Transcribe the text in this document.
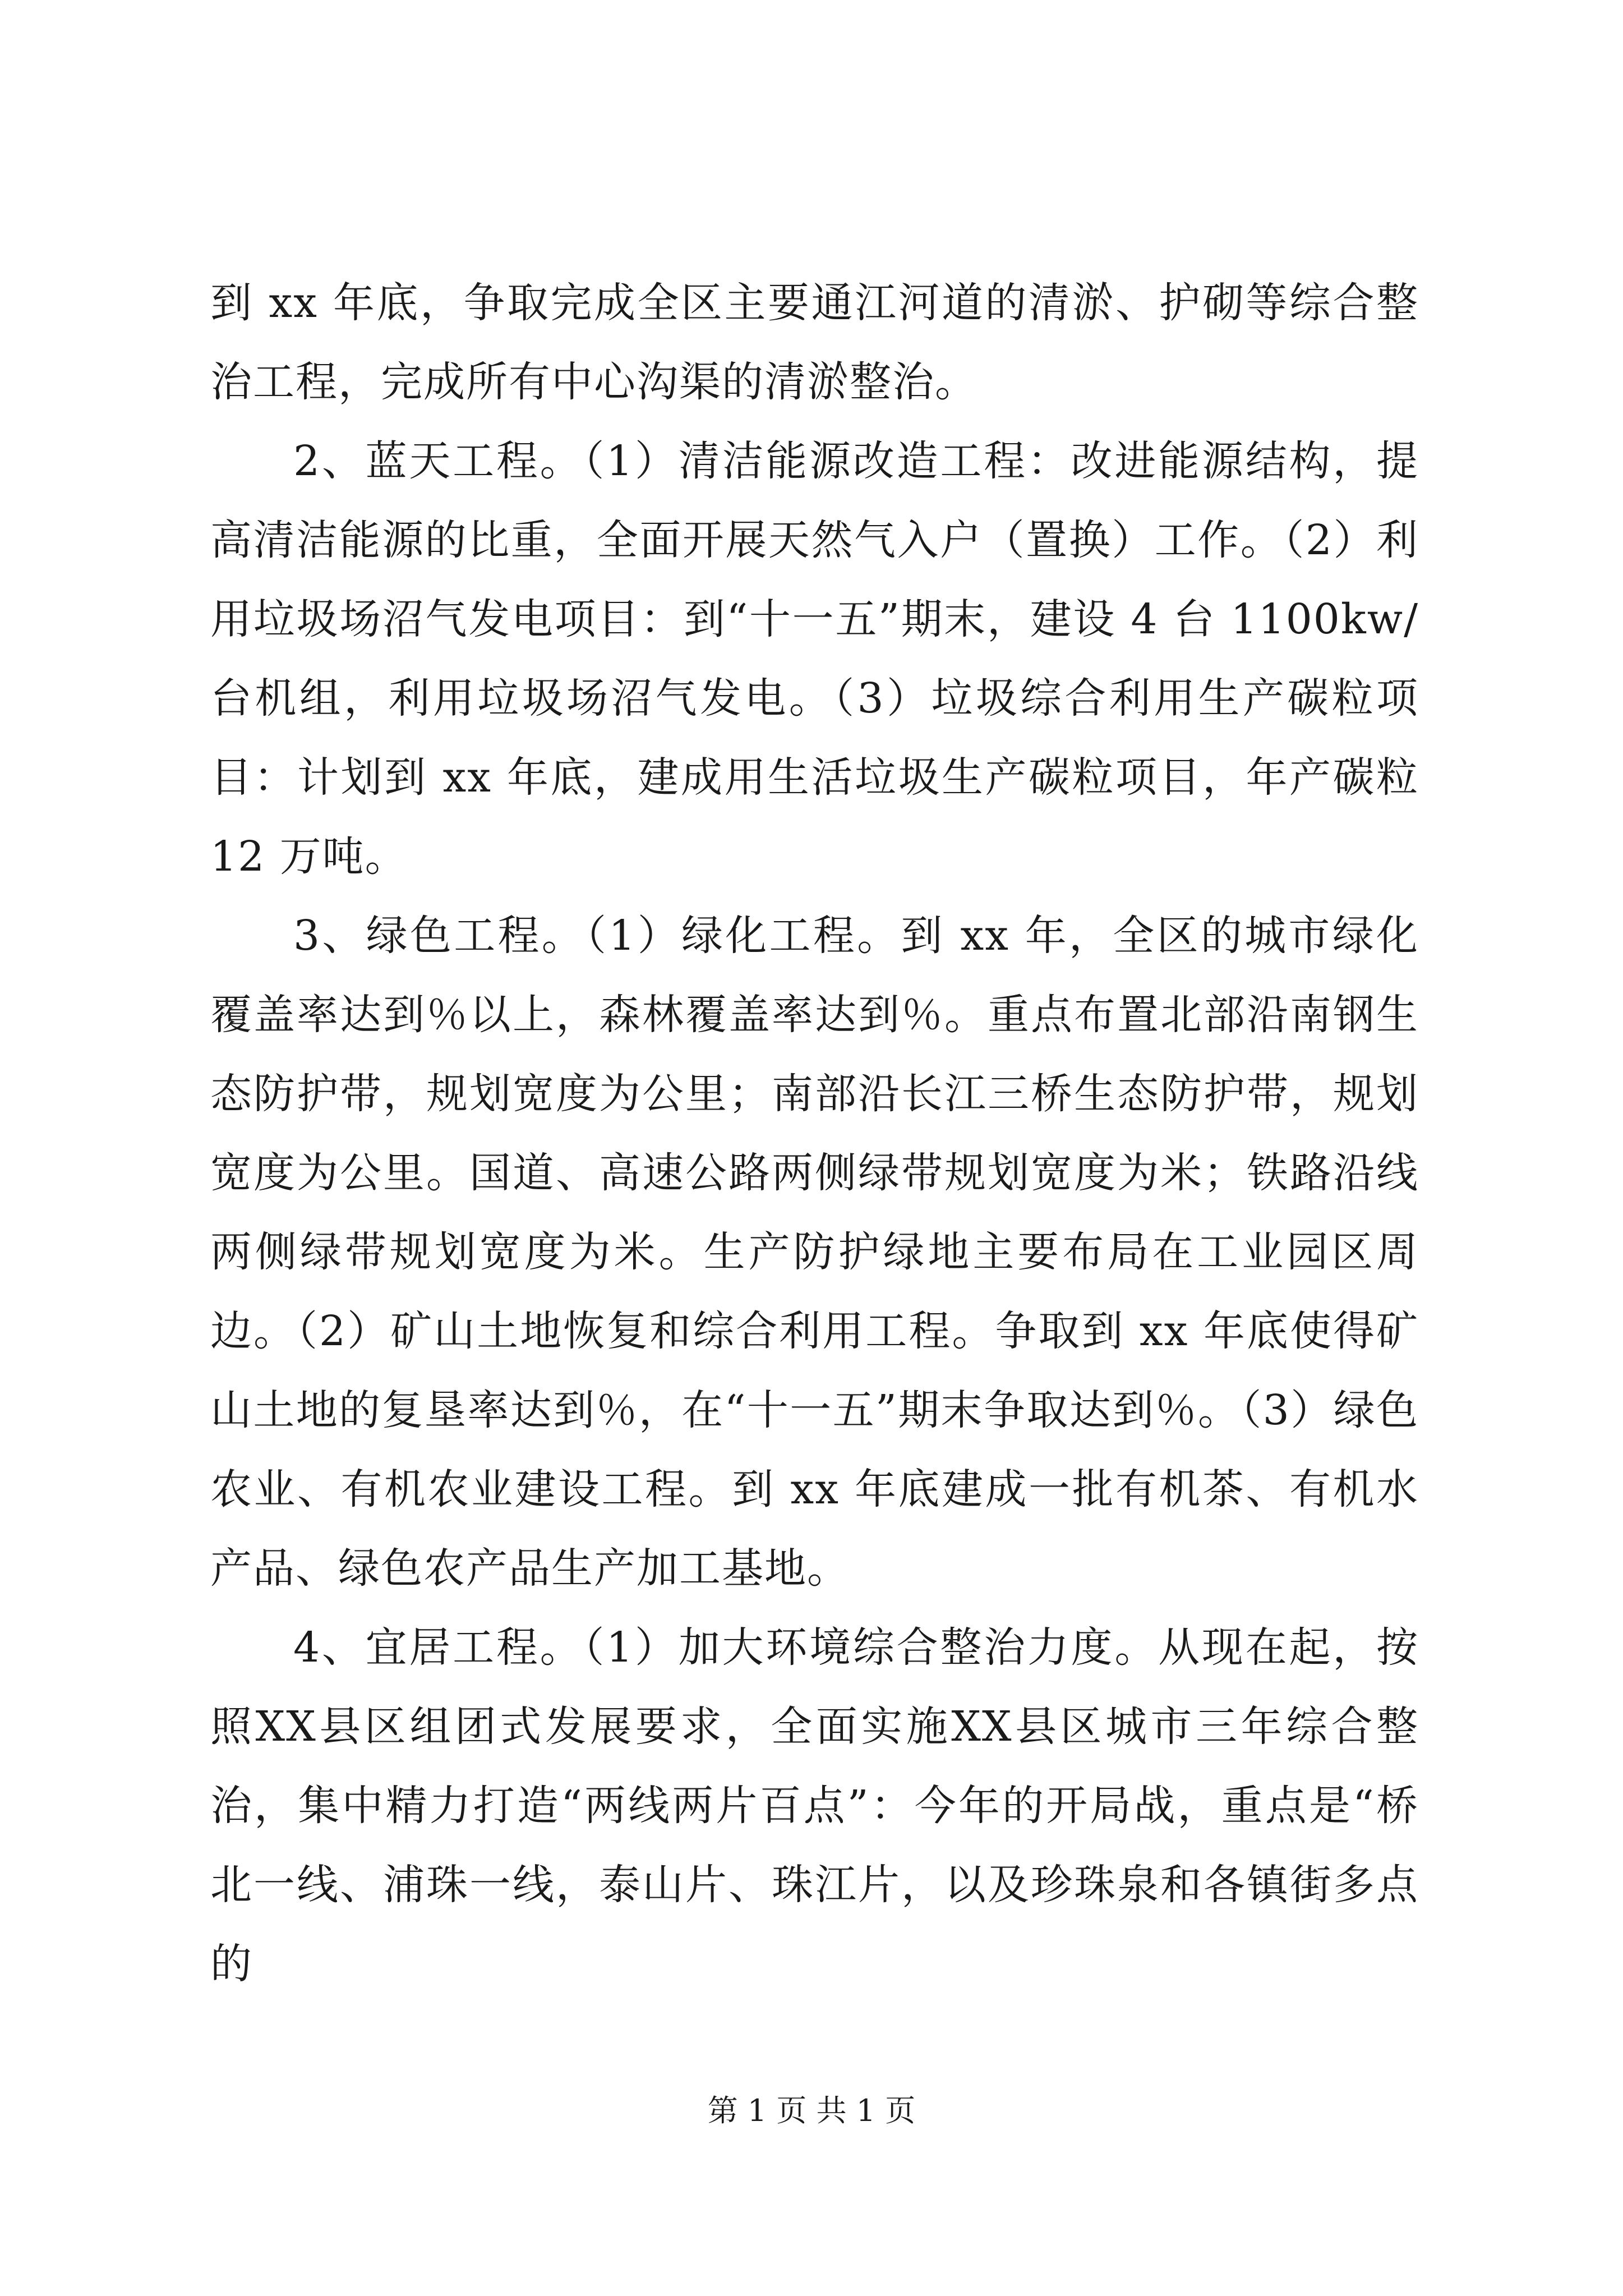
到 xx 年底，争取完成全区主要通江河道的清淤、护砌等综合整治工程，完成所有中心沟渠的清淤整治。

2、蓝天工程。（1）清洁能源改造工程：改进能源结构，提高清洁能源的比重，全面开展天然气入户（置换）工作。（2）利用垃圾场沼气发电项目：到“十一五”期末，建设 4 台 1100kw/台机组，利用垃圾场沼气发电。（3）垃圾综合利用生产碳粒项目：计划到 xx 年底，建成用生活垃圾生产碳粒项目，年产碳粒 12 万吨。

3、绿色工程。（1）绿化工程。到 xx 年，全区的城市绿化覆盖率达到％以上，森林覆盖率达到％。重点布置北部沿南钢生态防护带，规划宽度为公里；南部沿长江三桥生态防护带，规划宽度为公里。国道、高速公路两侧绿带规划宽度为米；铁路沿线两侧绿带规划宽度为米。生产防护绿地主要布局在工业园区周边。（2）矿山土地恢复和综合利用工程。争取到 xx 年底使得矿山土地的复垦率达到％，在“十一五”期末争取达到％。（3）绿色农业、有机农业建设工程。到 xx 年底建成一批有机茶、有机水产品、绿色农产品生产加工基地。

4、宜居工程。（1）加大环境综合整治力度。从现在起，按照XX县区组团式发展要求，全面实施XX县区城市三年综合整治，集中精力打造“两线两片百点”：今年的开局战，重点是“桥北一线、浦珠一线，泰山片、珠江片，以及珍珠泉和各镇街多点的

第 1 页 共 1 页
